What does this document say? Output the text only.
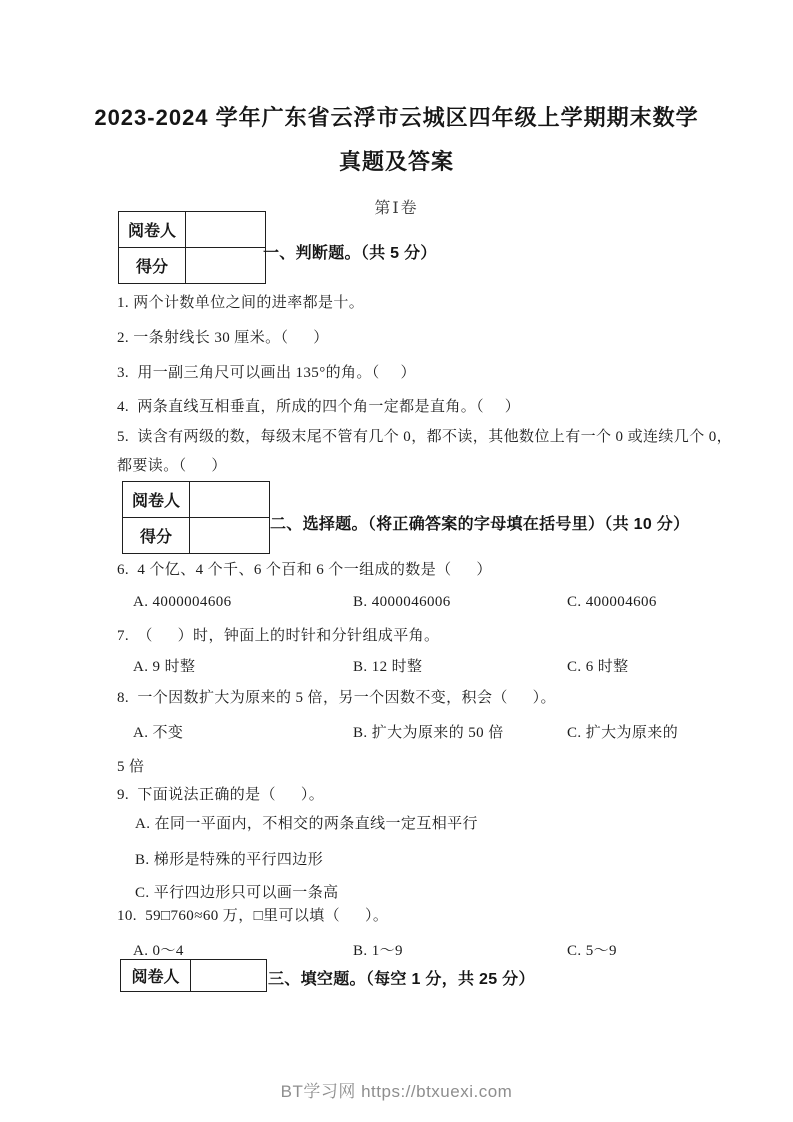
2023-2024 学年广东省云浮市云城区四年级上学期期末数学
真题及答案
第Ⅰ卷
阅卷人	
得分	
一、判断题。（共 5 分）
1. 两个计数单位之间的进率都是十。
2. 一条射线长 30 厘米。（      ）
3.  用一副三角尺可以画出 135°的角。（     ）
4.  两条直线互相垂直，所成的四个角一定都是直角。（     ）
5.  读含有两级的数，每级末尾不管有几个 0，都不读，其他数位上有一个 0 或连续几个 0，
都要读。（      ）
阅卷人	
得分	
二、选择题。（将正确答案的字母填在括号里）（共 10 分）
6.  4 个亿、4 个千、6 个百和 6 个一组成的数是（      ）
A. 4000004606	B. 4000046006	C. 400004606
7.  （      ）时，钟面上的时针和分针组成平角。
A. 9 时整	B. 12 时整	C. 6 时整
8.  一个因数扩大为原来的 5 倍，另一个因数不变，积会（      ）。
A. 不变	B. 扩大为原来的 50 倍	C. 扩大为原来的
5 倍
9.  下面说法正确的是（      ）。
A. 在同一平面内，不相交的两条直线一定互相平行
B. 梯形是特殊的平行四边形
C. 平行四边形只可以画一条高
10.  59□760≈60 万，□里可以填（      ）。
A. 0～4	B. 1～9	C. 5～9
阅卷人		三、填空题。（每空 1 分，共 25 分）
BT学习网 https://btxuexi.com
